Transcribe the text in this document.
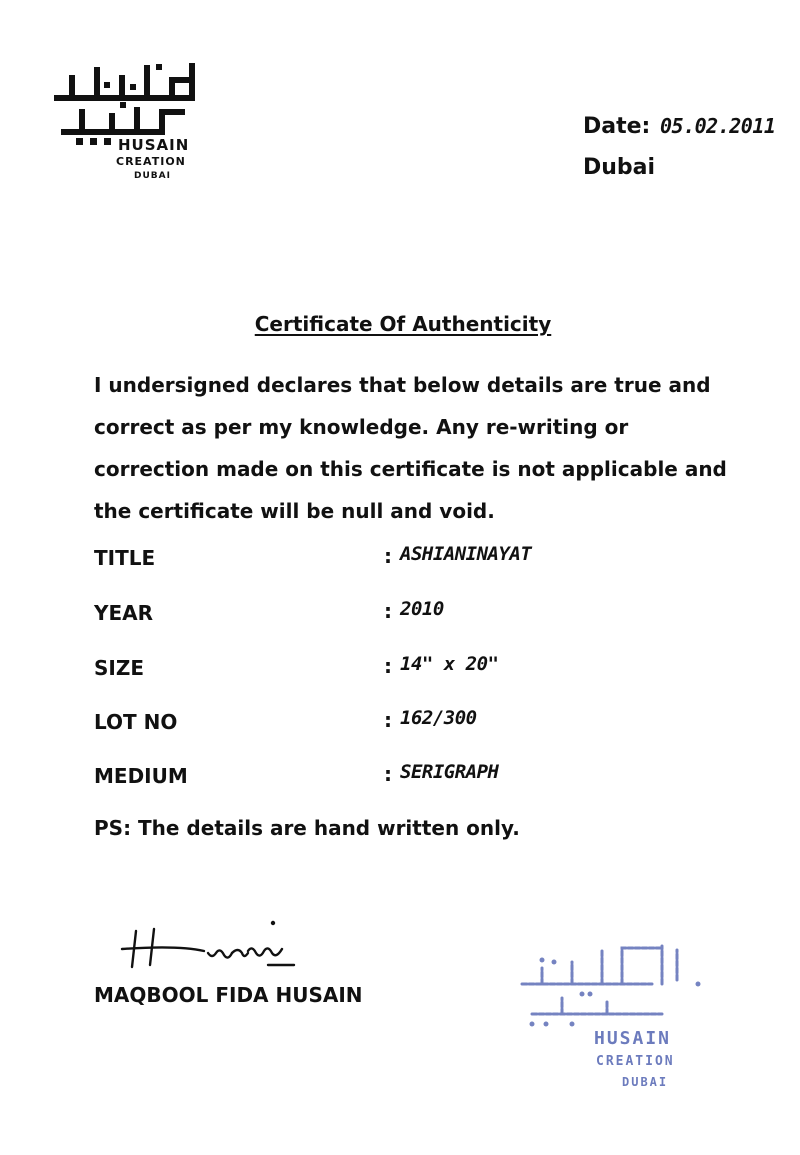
HUSAIN
CREATION
DUBAI
Date: 05.02.2011
Dubai
Certificate Of Authenticity
I undersigned declares that below details are true and correct as per my knowledge. Any re-writing or correction made on this certificate is not applicable and the certificate will be null and void.
TITLE	: ASHIANINAYAT
YEAR	: 2010
SIZE	: 14" x 20"
LOT NO	: 162/300
MEDIUM	: SERIGRAPH
PS: The details are hand written only.
MAQBOOL FIDA HUSAIN
HUSAIN
CREATION
DUBAI
